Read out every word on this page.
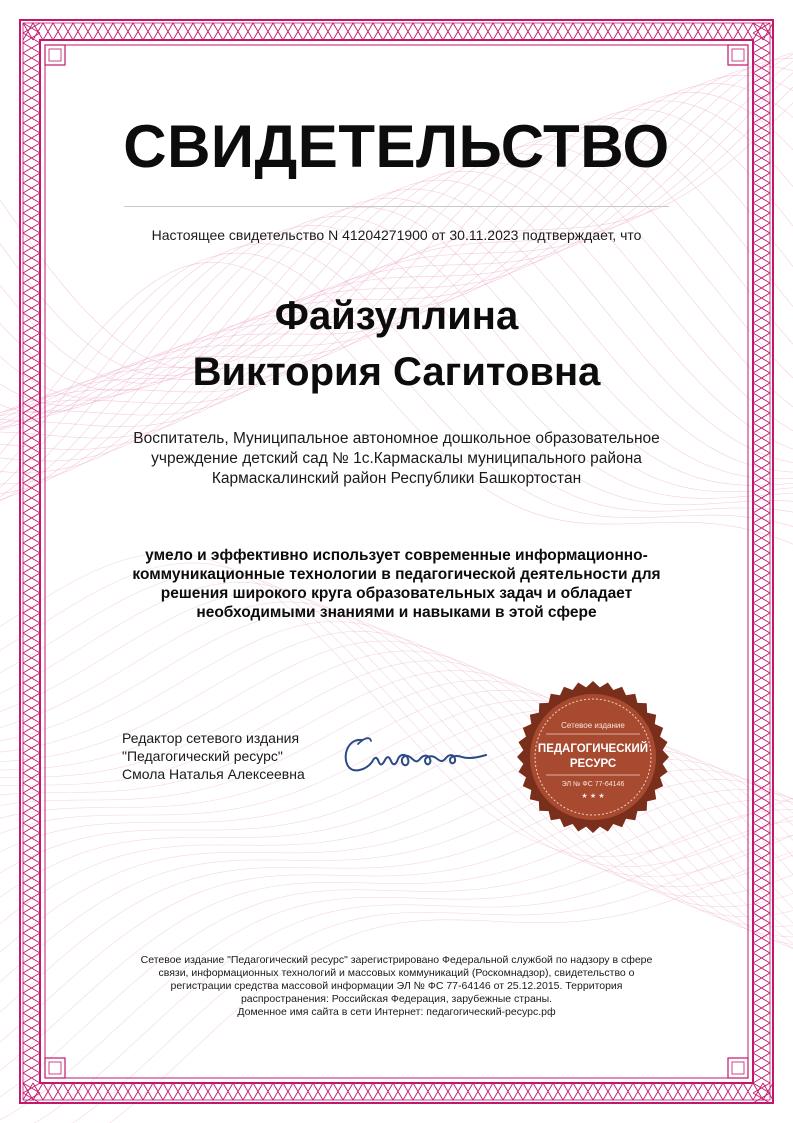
СВИДЕТЕЛЬСТВО
Настоящее свидетельство N 41204271900 от 30.11.2023 подтверждает, что
Файзуллина
Виктория Сагитовна
Воспитатель, Муниципальное автономное дошкольное образовательное
учреждение детский сад № 1с.Кармаскалы муниципального района
Кармаскалинский район Республики Башкортостан
умело и эффективно использует современные информационно-
коммуникационные технологии в педагогической деятельности для
решения широкого круга образовательных задач и обладает
необходимыми знаниями и навыками в этой сфере
Редактор сетевого издания
"Педагогический ресурс"
Смола Наталья Алексеевна
Сетевое издание
ПЕДАГОГИЧЕСКИЙ
РЕСУРС
ЭЛ № ФС 77-64146
★ ★ ★
Сетевое издание "Педагогический ресурс" зарегистрировано Федеральной службой по надзору в сфере
связи, информационных технологий и массовых коммуникаций (Роскомнадзор), свидетельство о
регистрации средства массовой информации ЭЛ № ФС 77-64146 от 25.12.2015. Территория
распространения: Российская Федерация, зарубежные страны.
Доменное имя сайта в сети Интернет: педагогический-ресурс.рф
